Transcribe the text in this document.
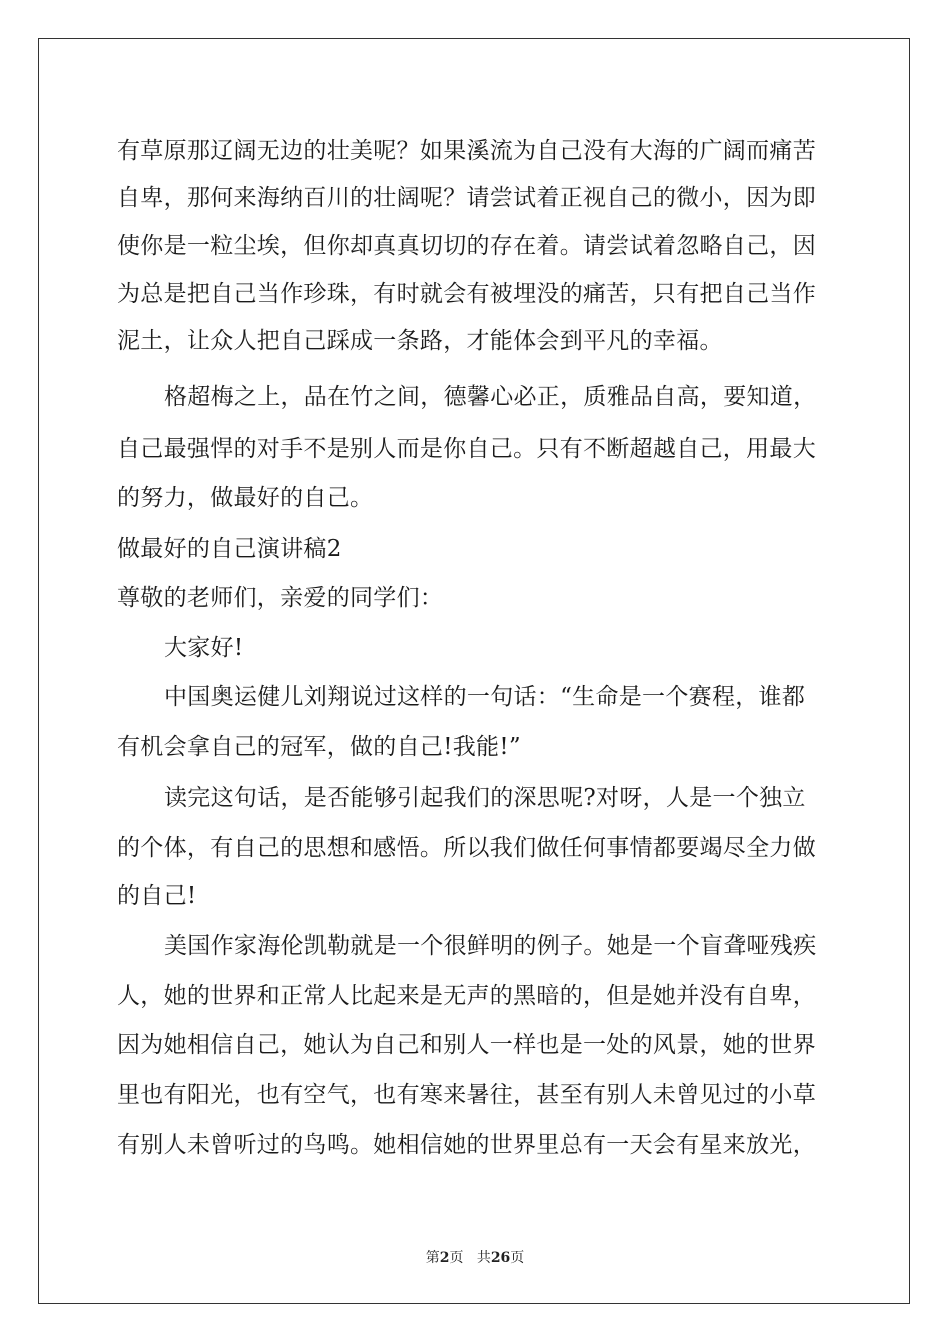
有草原那辽阔无边的壮美呢？如果溪流为自己没有大海的广阔而痛苦

自卑，那何来海纳百川的壮阔呢？请尝试着正视自己的微小，因为即

使你是一粒尘埃，但你却真真切切的存在着。请尝试着忽略自己，因

为总是把自己当作珍珠，有时就会有被埋没的痛苦，只有把自己当作

泥土，让众人把自己踩成一条路，才能体会到平凡的幸福。

格超梅之上，品在竹之间，德馨心必正，质雅品自高，要知道，

自己最强悍的对手不是别人而是你自己。只有不断超越自己，用最大

的努力，做最好的自己。

做最好的自己演讲稿2

尊敬的老师们，亲爱的同学们：

大家好!

中国奥运健儿刘翔说过这样的一句话：“生命是一个赛程，谁都

有机会拿自己的冠军，做的自己!我能!”

读完这句话，是否能够引起我们的深思呢?对呀，人是一个独立

的个体，有自己的思想和感悟。所以我们做任何事情都要竭尽全力做

的自己!

美国作家海伦凯勒就是一个很鲜明的例子。她是一个盲聋哑残疾

人，她的世界和正常人比起来是无声的黑暗的，但是她并没有自卑，

因为她相信自己，她认为自己和别人一样也是一处的风景，她的世界

里也有阳光，也有空气，也有寒来暑往，甚至有别人未曾见过的小草

有别人未曾听过的鸟鸣。她相信她的世界里总有一天会有星来放光，

第2页 共26页
